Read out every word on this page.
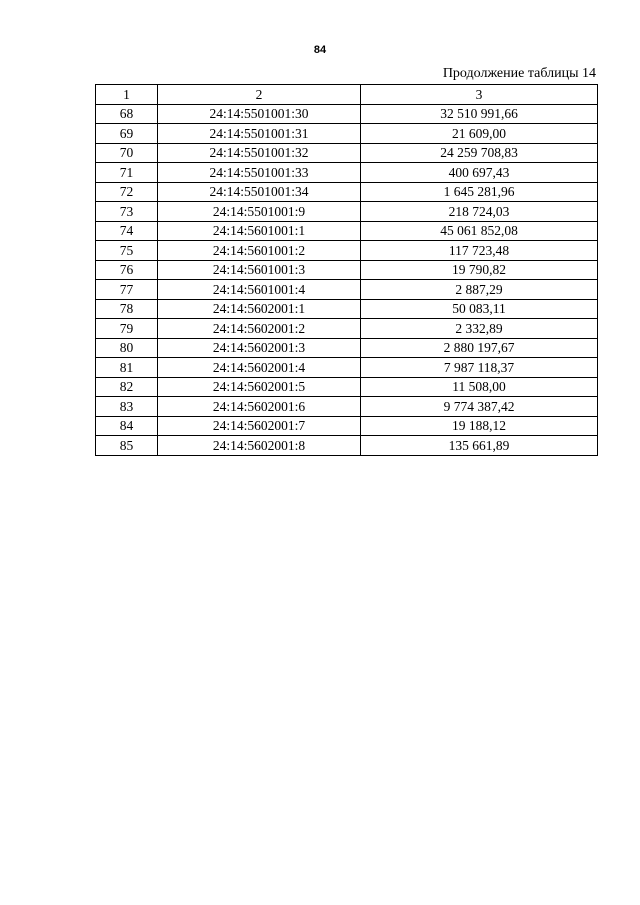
84
Продолжение таблицы 14
1	2	3
68	24:14:5501001:30	32 510 991,66
69	24:14:5501001:31	21 609,00
70	24:14:5501001:32	24 259 708,83
71	24:14:5501001:33	400 697,43
72	24:14:5501001:34	1 645 281,96
73	24:14:5501001:9	218 724,03
74	24:14:5601001:1	45 061 852,08
75	24:14:5601001:2	117 723,48
76	24:14:5601001:3	19 790,82
77	24:14:5601001:4	2 887,29
78	24:14:5602001:1	50 083,11
79	24:14:5602001:2	2 332,89
80	24:14:5602001:3	2 880 197,67
81	24:14:5602001:4	7 987 118,37
82	24:14:5602001:5	11 508,00
83	24:14:5602001:6	9 774 387,42
84	24:14:5602001:7	19 188,12
85	24:14:5602001:8	135 661,89
